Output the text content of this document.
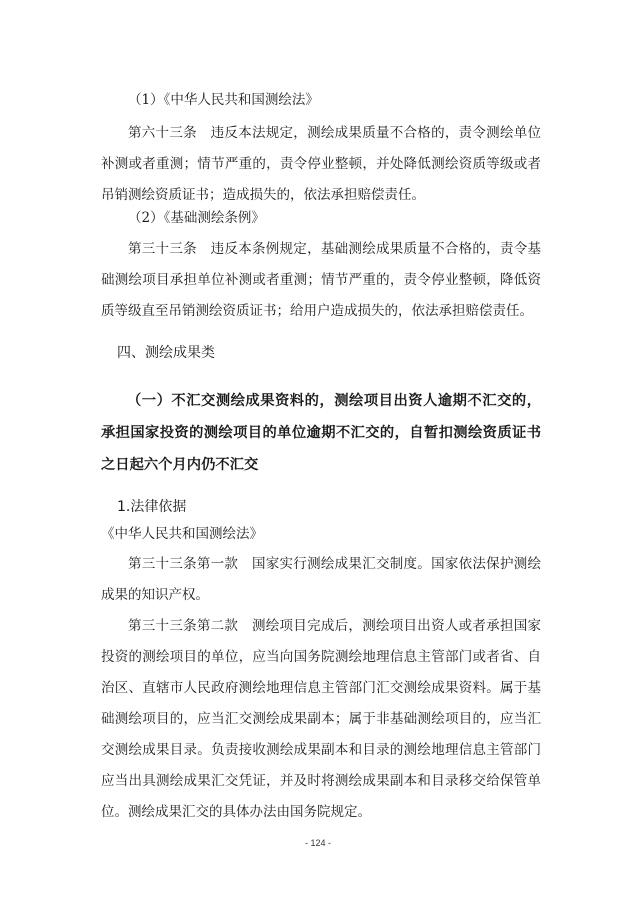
（1）《中华人民共和国测绘法》
第六十三条　违反本法规定，测绘成果质量不合格的，责令测绘单位补测或者重测；情节严重的，责令停业整顿，并处降低测绘资质等级或者吊销测绘资质证书；造成损失的，依法承担赔偿责任。
（2）《基础测绘条例》
第三十三条　违反本条例规定，基础测绘成果质量不合格的，责令基础测绘项目承担单位补测或者重测；情节严重的，责令停业整顿，降低资质等级直至吊销测绘资质证书；给用户造成损失的，依法承担赔偿责任。
四、测绘成果类
（一）不汇交测绘成果资料的，测绘项目出资人逾期不汇交的，承担国家投资的测绘项目的单位逾期不汇交的，自暂扣测绘资质证书之日起六个月内仍不汇交
1.法律依据
《中华人民共和国测绘法》
第三十三条第一款　国家实行测绘成果汇交制度。国家依法保护测绘成果的知识产权。
第三十三条第二款　测绘项目完成后，测绘项目出资人或者承担国家投资的测绘项目的单位，应当向国务院测绘地理信息主管部门或者省、自治区、直辖市人民政府测绘地理信息主管部门汇交测绘成果资料。属于基础测绘项目的，应当汇交测绘成果副本；属于非基础测绘项目的，应当汇交测绘成果目录。负责接收测绘成果副本和目录的测绘地理信息主管部门应当出具测绘成果汇交凭证，并及时将测绘成果副本和目录移交给保管单位。测绘成果汇交的具体办法由国务院规定。
- 124 -
